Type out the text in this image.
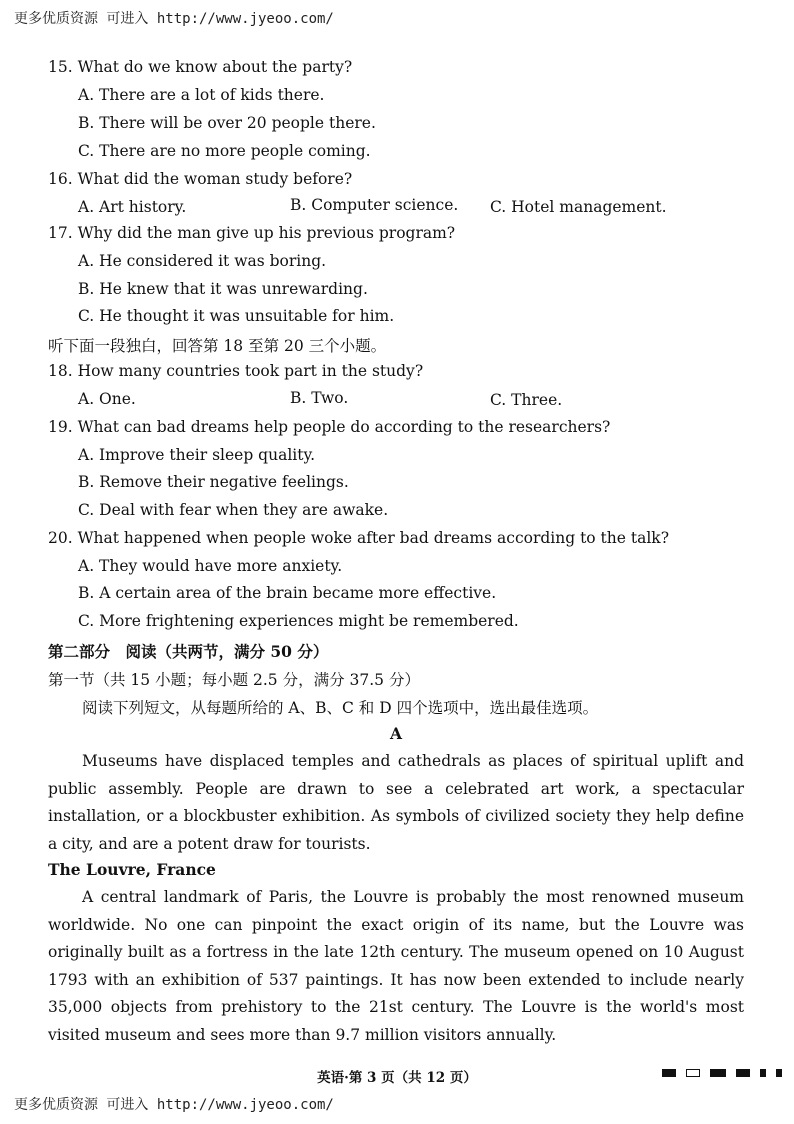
更多优质资源 可进入 http://www.jyeoo.com/
15. What do we know about the party?
A. There are a lot of kids there.
B. There will be over 20 people there.
C. There are no more people coming.
16. What did the woman study before?
A. Art history.	B. Computer science. C. Hotel management.
17. Why did the man give up his previous program?
A. He considered it was boring.
B. He knew that it was unrewarding.
C. He thought it was unsuitable for him.
听下面一段独白，回答第 18 至第 20 三个小题。
18. How many countries took part in the study?
A. One.	B. Two.	C. Three.
19. What can bad dreams help people do according to the researchers?
A. Improve their sleep quality.
B. Remove their negative feelings.
C. Deal with fear when they are awake.
20. What happened when people woke after bad dreams according to the talk?
A. They would have more anxiety.
B. A certain area of the brain became more effective.
C. More frightening experiences might be remembered.
第二部分　阅读（共两节，满分 50 分）
第一节（共 15 小题；每小题 2.5 分，满分 37.5 分）
阅读下列短文，从每题所给的 A、B、C 和 D 四个选项中，选出最佳选项。
A
Museums have displaced temples and cathedrals as places of spiritual uplift and public assembly. People are drawn to see a celebrated art work, a spectacular installation, or a blockbuster exhibition. As symbols of civilized society they help define a city, and are a potent draw for tourists.
The Louvre, France
A central landmark of Paris, the Louvre is probably the most renowned museum worldwide. No one can pinpoint the exact origin of its name, but the Louvre was originally built as a fortress in the late 12th century. The museum opened on 10 August 1793 with an exhibition of 537 paintings. It has now been extended to include nearly 35,000 objects from prehistory to the 21st century. The Louvre is the world's most visited museum and sees more than 9.7 million visitors annually.
英语·第 3 页（共 12 页）
更多优质资源 可进入 http://www.jyeoo.com/
